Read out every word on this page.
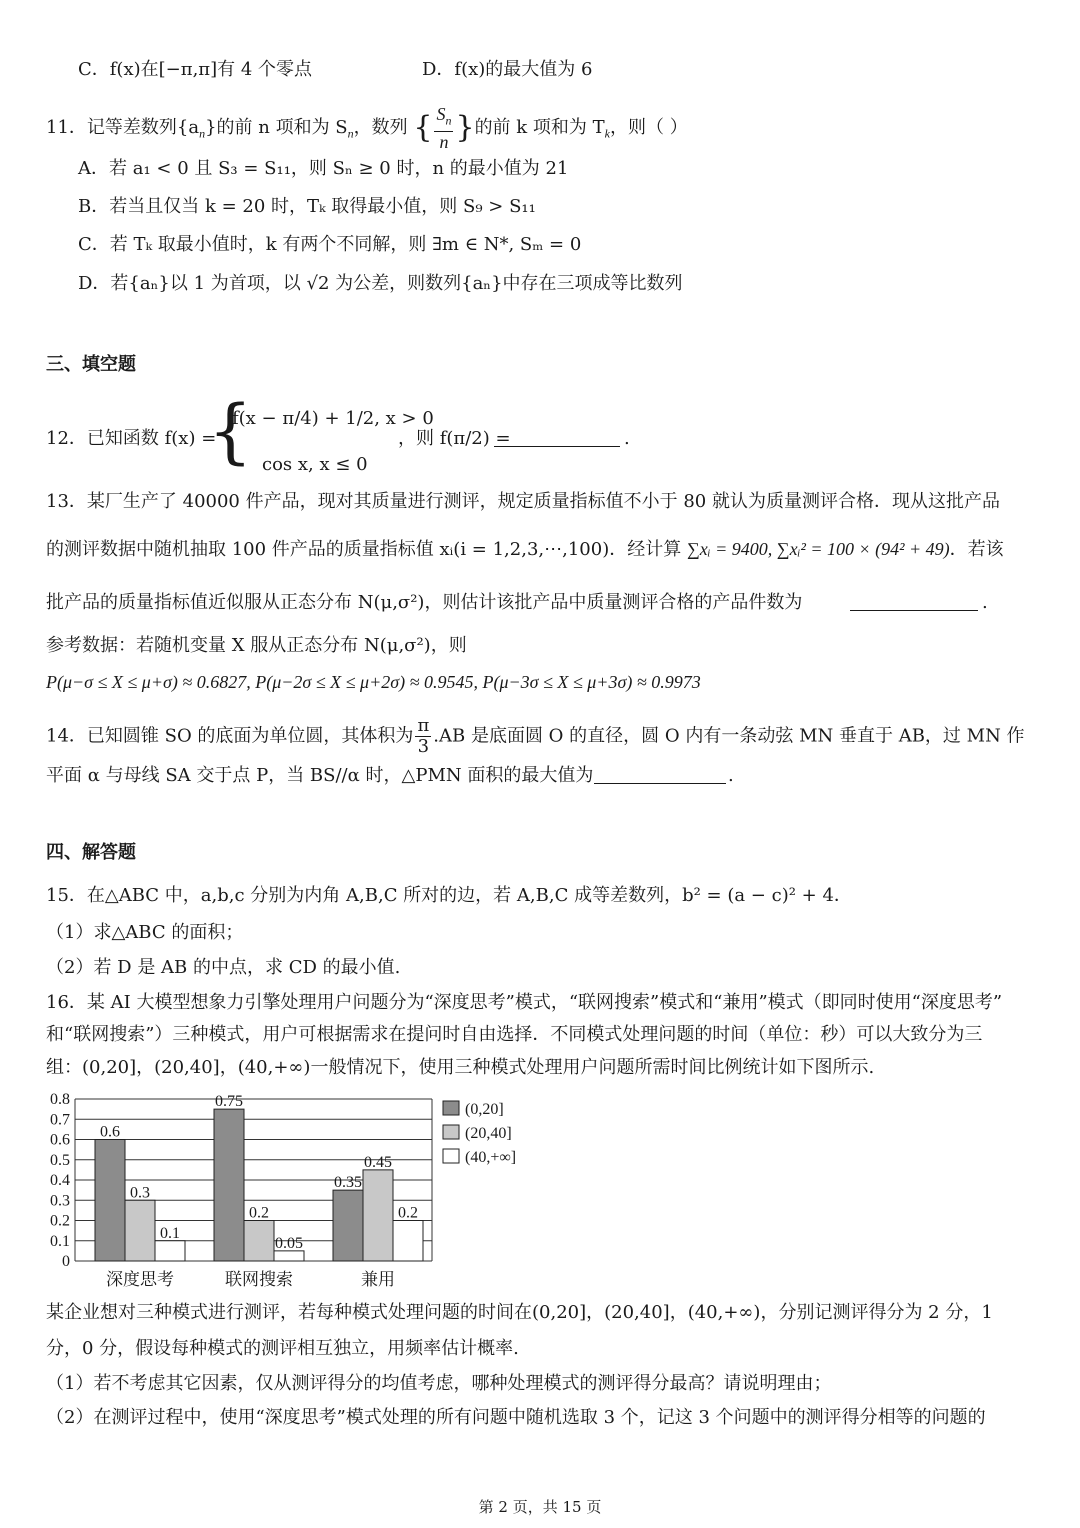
C．f(x)在[−π,π]有 4 个零点	D．f(x)的最大值为 6
11．记等差数列$\{a_n\}$的前 n 项和为 $S_n$，数列 { $\frac{S_n}{n}$ }的前 k 项和为 $T_k$，则（ ）
A．若 a₁ < 0 且 S₃ = S₁₁，则 Sₙ ≥ 0 时，n 的最小值为 21
B．若当且仅当 k = 20 时，Tₖ 取得最小值，则 S₉ > S₁₁
C．若 Tₖ 取最小值时，k 有两个不同解，则 ∃m ∈ N*, Sₘ = 0
D．若{aₙ}以 1 为首项，以 √2 为公差，则数列{aₙ}中存在三项成等比数列
三、填空题
12．已知函数 f(x) =
{
f(x − π/4) + 1/2, x > 0
cos x, x ≤ 0
，则 f(π/2) =	.
13．某厂生产了 40000 件产品，现对其质量进行测评，规定质量指标值不小于 80 就认为质量测评合格．现从这批产品
的测评数据中随机抽取 100 件产品的质量指标值 xᵢ(i = 1,2,3,⋯,100)．经计算 ∑xᵢ = 9400, ∑xᵢ² = 100 × (94² + 49)．若该
批产品的质量指标值近似服从正态分布 N(μ,σ²)，则估计该批产品中质量测评合格的产品件数为	.
参考数据：若随机变量 X 服从正态分布 N(μ,σ²)，则
P(μ−σ ≤ X ≤ μ+σ) ≈ 0.6827, P(μ−2σ ≤ X ≤ μ+2σ) ≈ 0.9545, P(μ−3σ ≤ X ≤ μ+3σ) ≈ 0.9973
14．已知圆锥 SO 的底面为单位圆，其体积为 $\frac{\pi}{3} .AB$ 是底面圆 O 的直径，圆 O 内有一条动弦 MN 垂直于 AB，过 MN 作
平面 α 与母线 SA 交于点 P，当 BS//α 时，△PMN 面积的最大值为	.
四、解答题
15．在△ABC 中，a,b,c 分别为内角 A,B,C 所对的边，若 A,B,C 成等差数列，b² = (a − c)² + 4．
（1）求△ABC 的面积；
（2）若 D 是 AB 的中点，求 CD 的最小值.
16．某 AI 大模型想象力引擎处理用户问题分为“深度思考”模式，“联网搜索”模式和“兼用”模式（即同时使用“深度思考”
和“联网搜索”）三种模式，用户可根据需求在提问时自由选择．不同模式处理问题的时间（单位：秒）可以大致分为三
组：(0,20]，(20,40]，(40,+∞)一般情况下，使用三种模式处理用户问题所需时间比例统计如下图所示.
0
0.1
0.2
0.3
0.4
0.5
0.6
0.7
0.8
0.6
0.3
0.1
深度思考
0.75
0.2
0.05
联网搜索
0.35
0.45
0.2
兼用
(0,20]
(20,40]
(40,+∞]
某企业想对三种模式进行测评，若每种模式处理问题的时间在(0,20]，(20,40]，(40,+∞)，分别记测评得分为 2 分，1
分，0 分，假设每种模式的测评相互独立，用频率估计概率.
（1）若不考虑其它因素，仅从测评得分的均值考虑，哪种处理模式的测评得分最高？请说明理由；
（2）在测评过程中，使用“深度思考”模式处理的所有问题中随机选取 3 个，记这 3 个问题中的测评得分相等的问题的
第 2 页，共 15 页
